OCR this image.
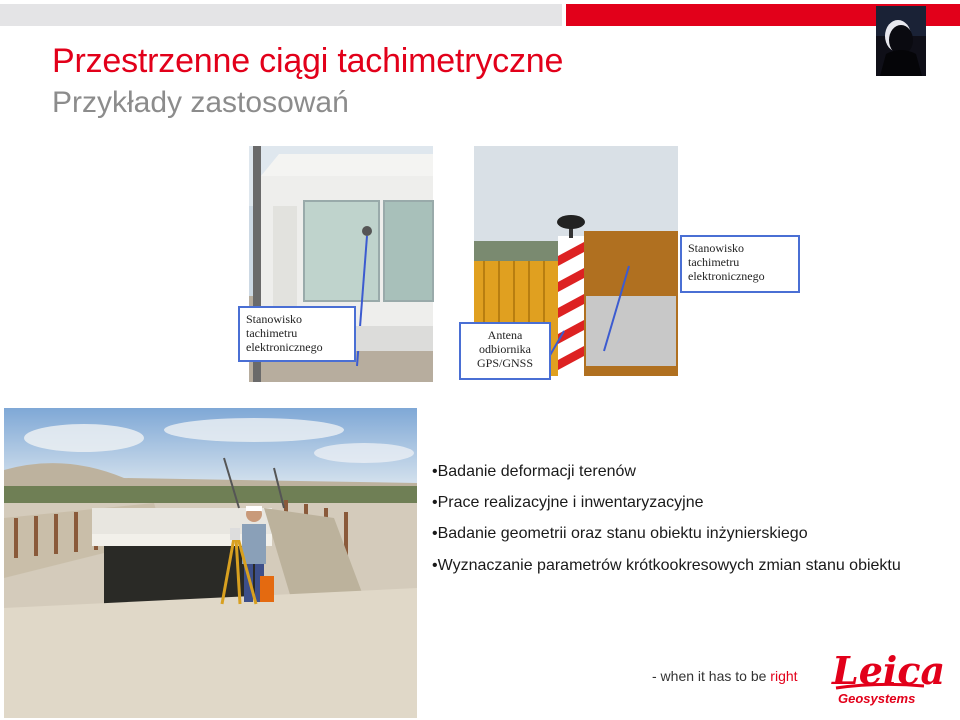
Przestrzenne ciągi tachimetryczne
Przykłady zastosowań
Stanowisko
tachimetru
elektronicznego
Antena
odbiornika
GPS/GNSS
Stanowisko
tachimetru
elektronicznego

•Badanie deformacji terenów

•Prace realizacyjne i inwentaryzacyjne

•Badanie geometrii oraz stanu obiektu inżynierskiego

•Wyznaczanie parametrów krótkookresowych zmian stanu obiektu

- when it has to be right Leica
Geosystems
